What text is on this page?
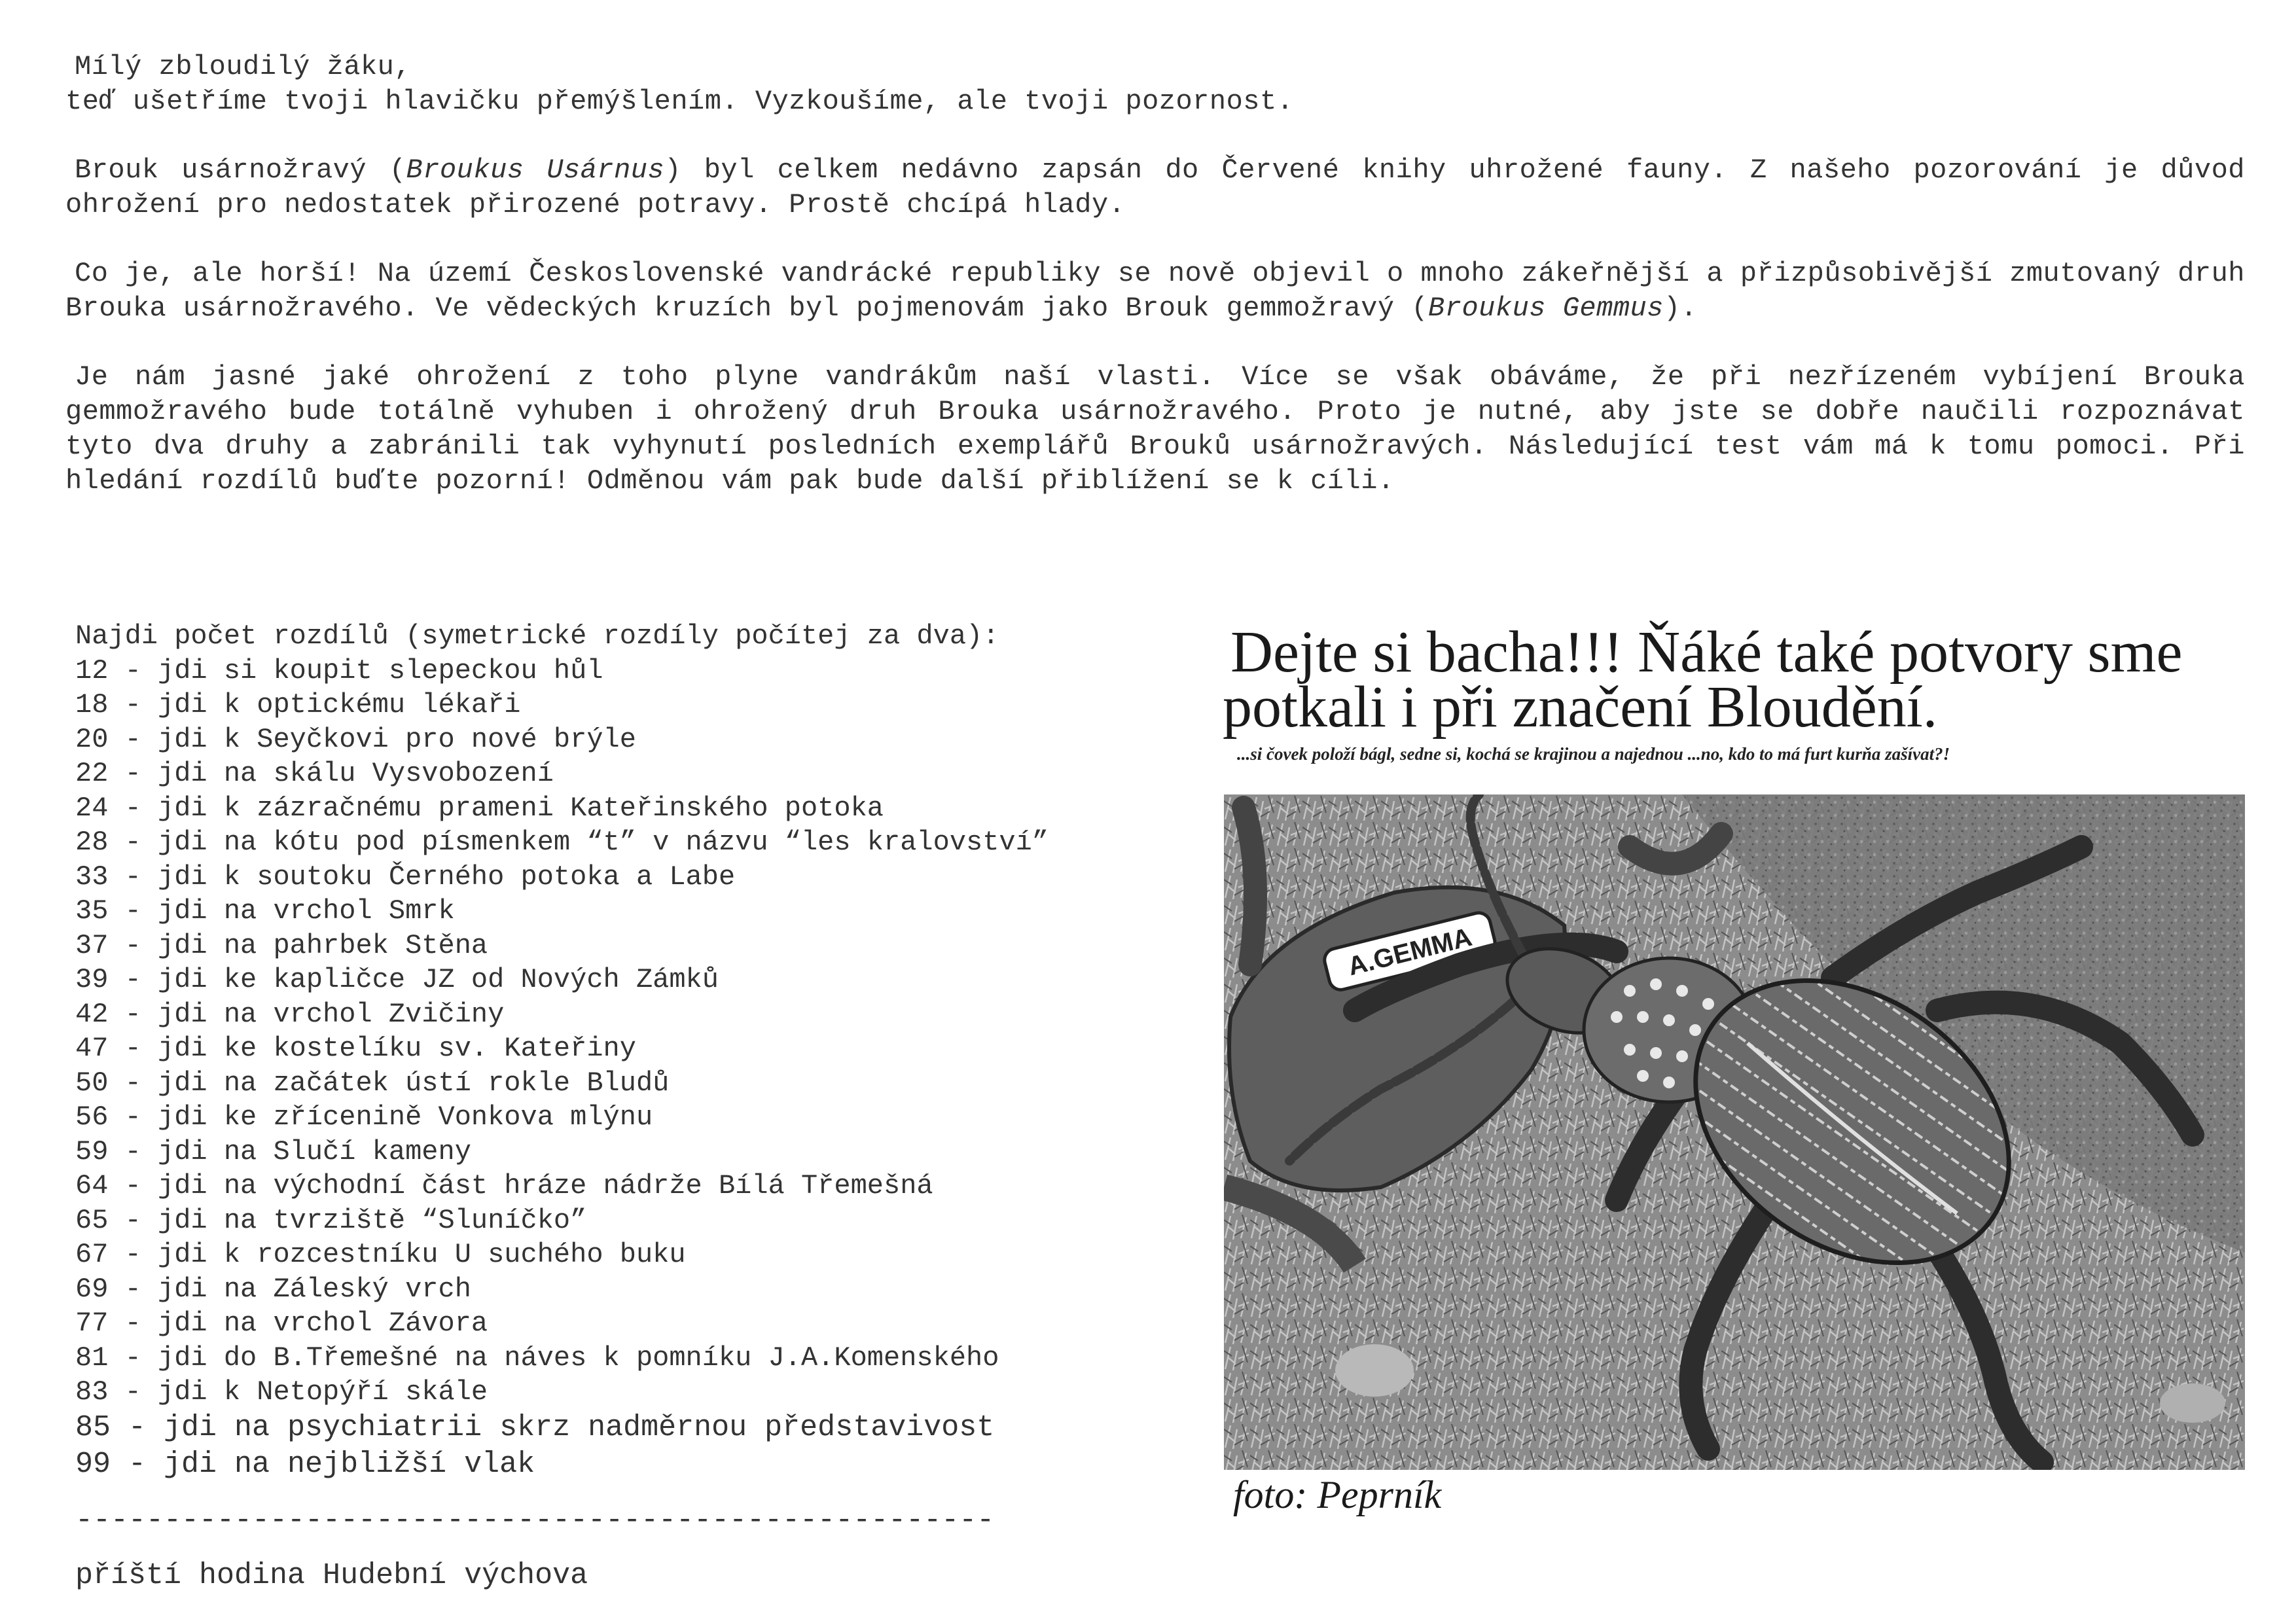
Mílý zbloudilý žáku,
teď ušetříme tvoji hlavičku přemýšlením. Vyzkoušíme, ale tvoji pozornost.

Brouk usárnožravý (Broukus Usárnus) byl celkem nedávno zapsán do Červené knihy uhrožené fauny. Z našeho pozorování je důvod ohrožení pro nedostatek přirozené potravy. Prostě chcípá hlady.

Co je, ale horší! Na území Československé vandrácké republiky se nově objevil o mnoho zákeřnější a přizpůsobivější zmutovaný druh Brouka usárnožravého. Ve vědeckých kruzích byl pojmenovám jako Brouk gemmožravý (Broukus Gemmus).

Je nám jasné jaké ohrožení z toho plyne vandrákům naší vlasti. Více se však obáváme, že při nezřízeném vybíjení Brouka gemmožravého bude totálně vyhuben i ohrožený druh Brouka usárnožravého. Proto je nutné, aby jste se dobře naučili rozpoznávat tyto dva druhy a zabránili tak vyhynutí posledních exemplářů Brouků usárnožravých. Následující test vám má k tomu pomoci. Při hledání rozdílů buďte pozorní! Odměnou vám pak bude další přiblížení se k cíli.

Najdi počet rozdílů (symetrické rozdíly počítej za dva):

12 - jdi si koupit slepeckou hůl
18 - jdi k optickému lékaři
20 - jdi k Seyčkovi pro nové brýle
22 - jdi na skálu Vysvobození
24 - jdi k zázračnému prameni Kateřinského potoka
28 - jdi na kótu pod písmenkem “t” v názvu “les kralovství”
33 - jdi k soutoku Černého potoka a Labe
35 - jdi na vrchol Smrk
37 - jdi na pahrbek Stěna
39 - jdi ke kapličce JZ od Nových Zámků
42 - jdi na vrchol Zvičiny
47 - jdi ke kostelíku sv. Kateřiny
50 - jdi na začátek ústí rokle Bludů
56 - jdi ke zřícenině Vonkova mlýnu
59 - jdi na Slučí kameny
64 - jdi na východní část hráze nádrže Bílá Třemešná
65 - jdi na tvrziště “Sluníčko”
67 - jdi k rozcestníku U suchého buku
69 - jdi na Záleský vrch
77 - jdi na vrchol Závora
81 - jdi do B.Třemešné na náves k pomníku J.A.Komenského
83 - jdi k Netopýří skále
85 - jdi na psychiatrii skrz nadměrnou představivost
99 - jdi na nejbližší vlak
----------------------------------------------------
příští hodina Hudební výchova
Dejte si bacha!!! Ňáké také potvory sme
potkali i při značení Bloudění.
...si čovek položí bágl, sedne si, kochá se krajinou a najednou ...no, kdo to má furt kurňa zašívat?!
A.GEMMA
foto: Peprník
